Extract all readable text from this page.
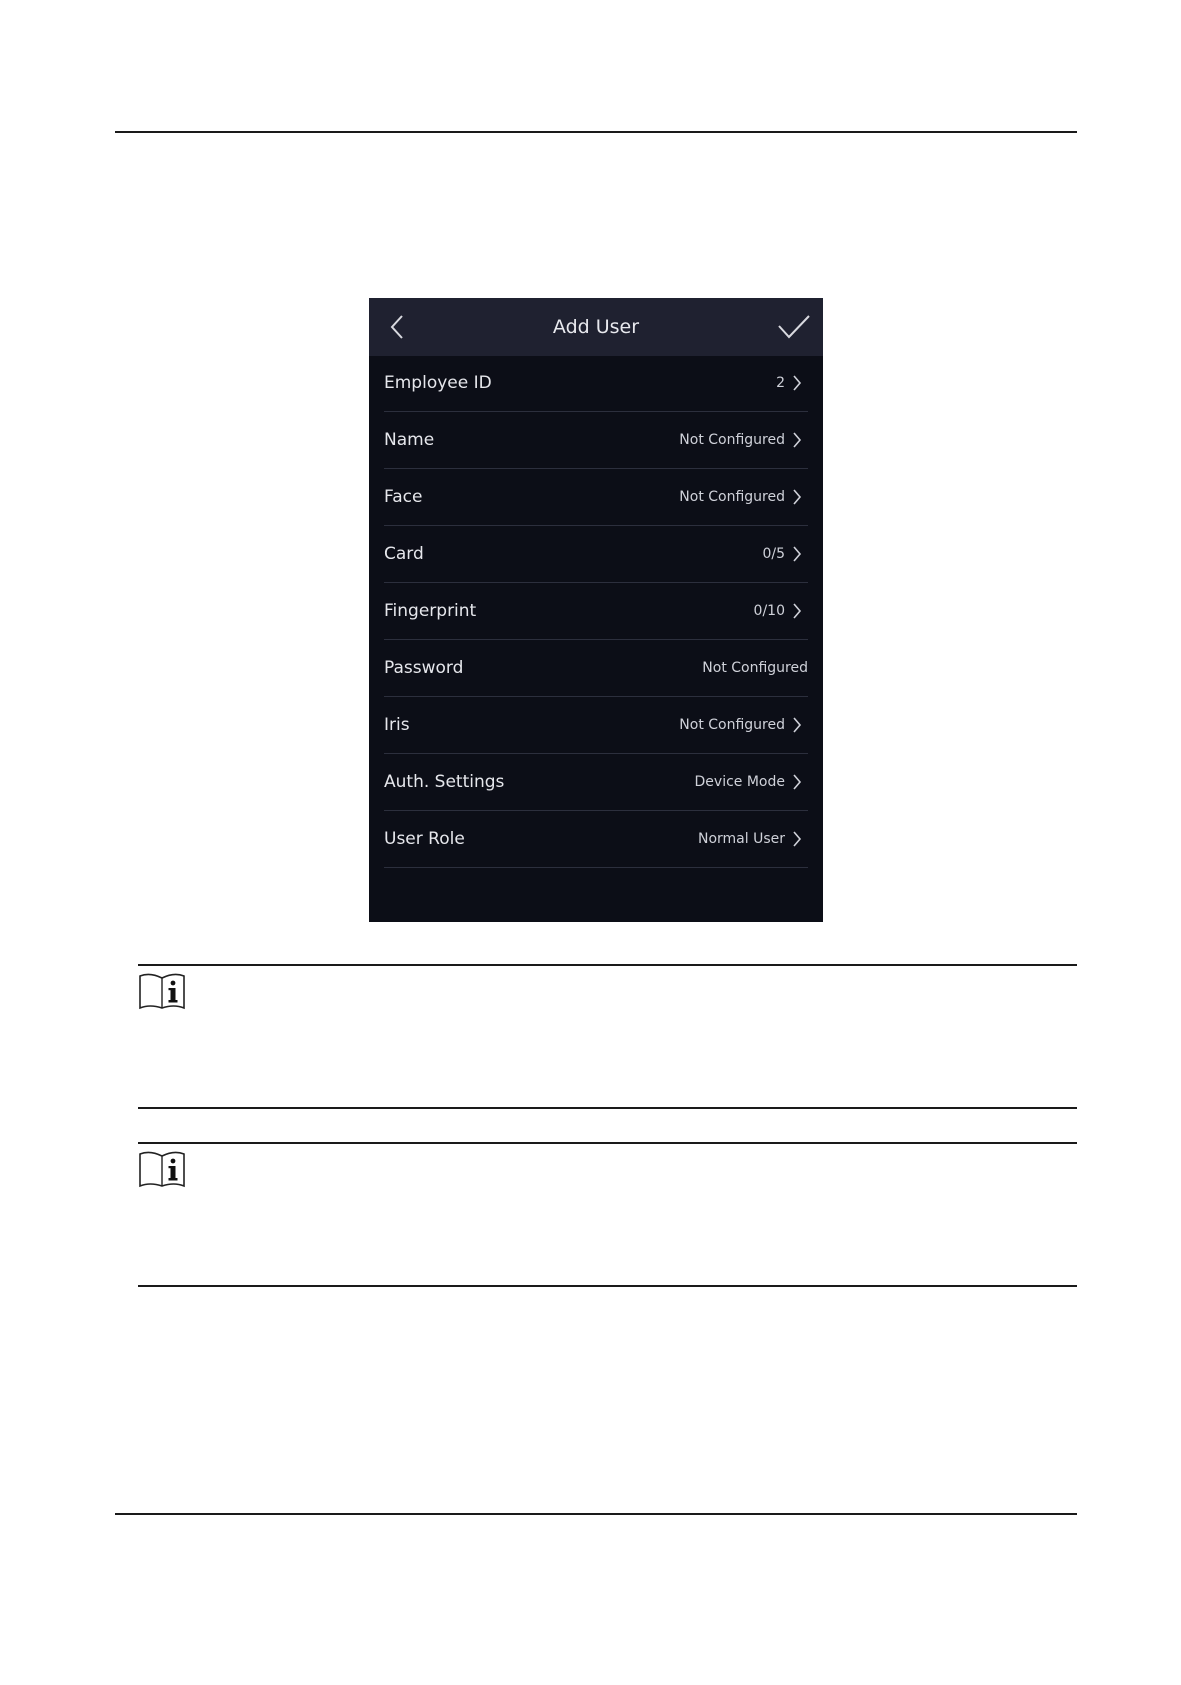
Add User
Employee ID	2
Name	Not Configured
Face	Not Configured
Card	0/5
Fingerprint	0/10
Password	Not Configured
Iris	Not Configured
Auth. Settings	Device Mode
User Role	Normal User
